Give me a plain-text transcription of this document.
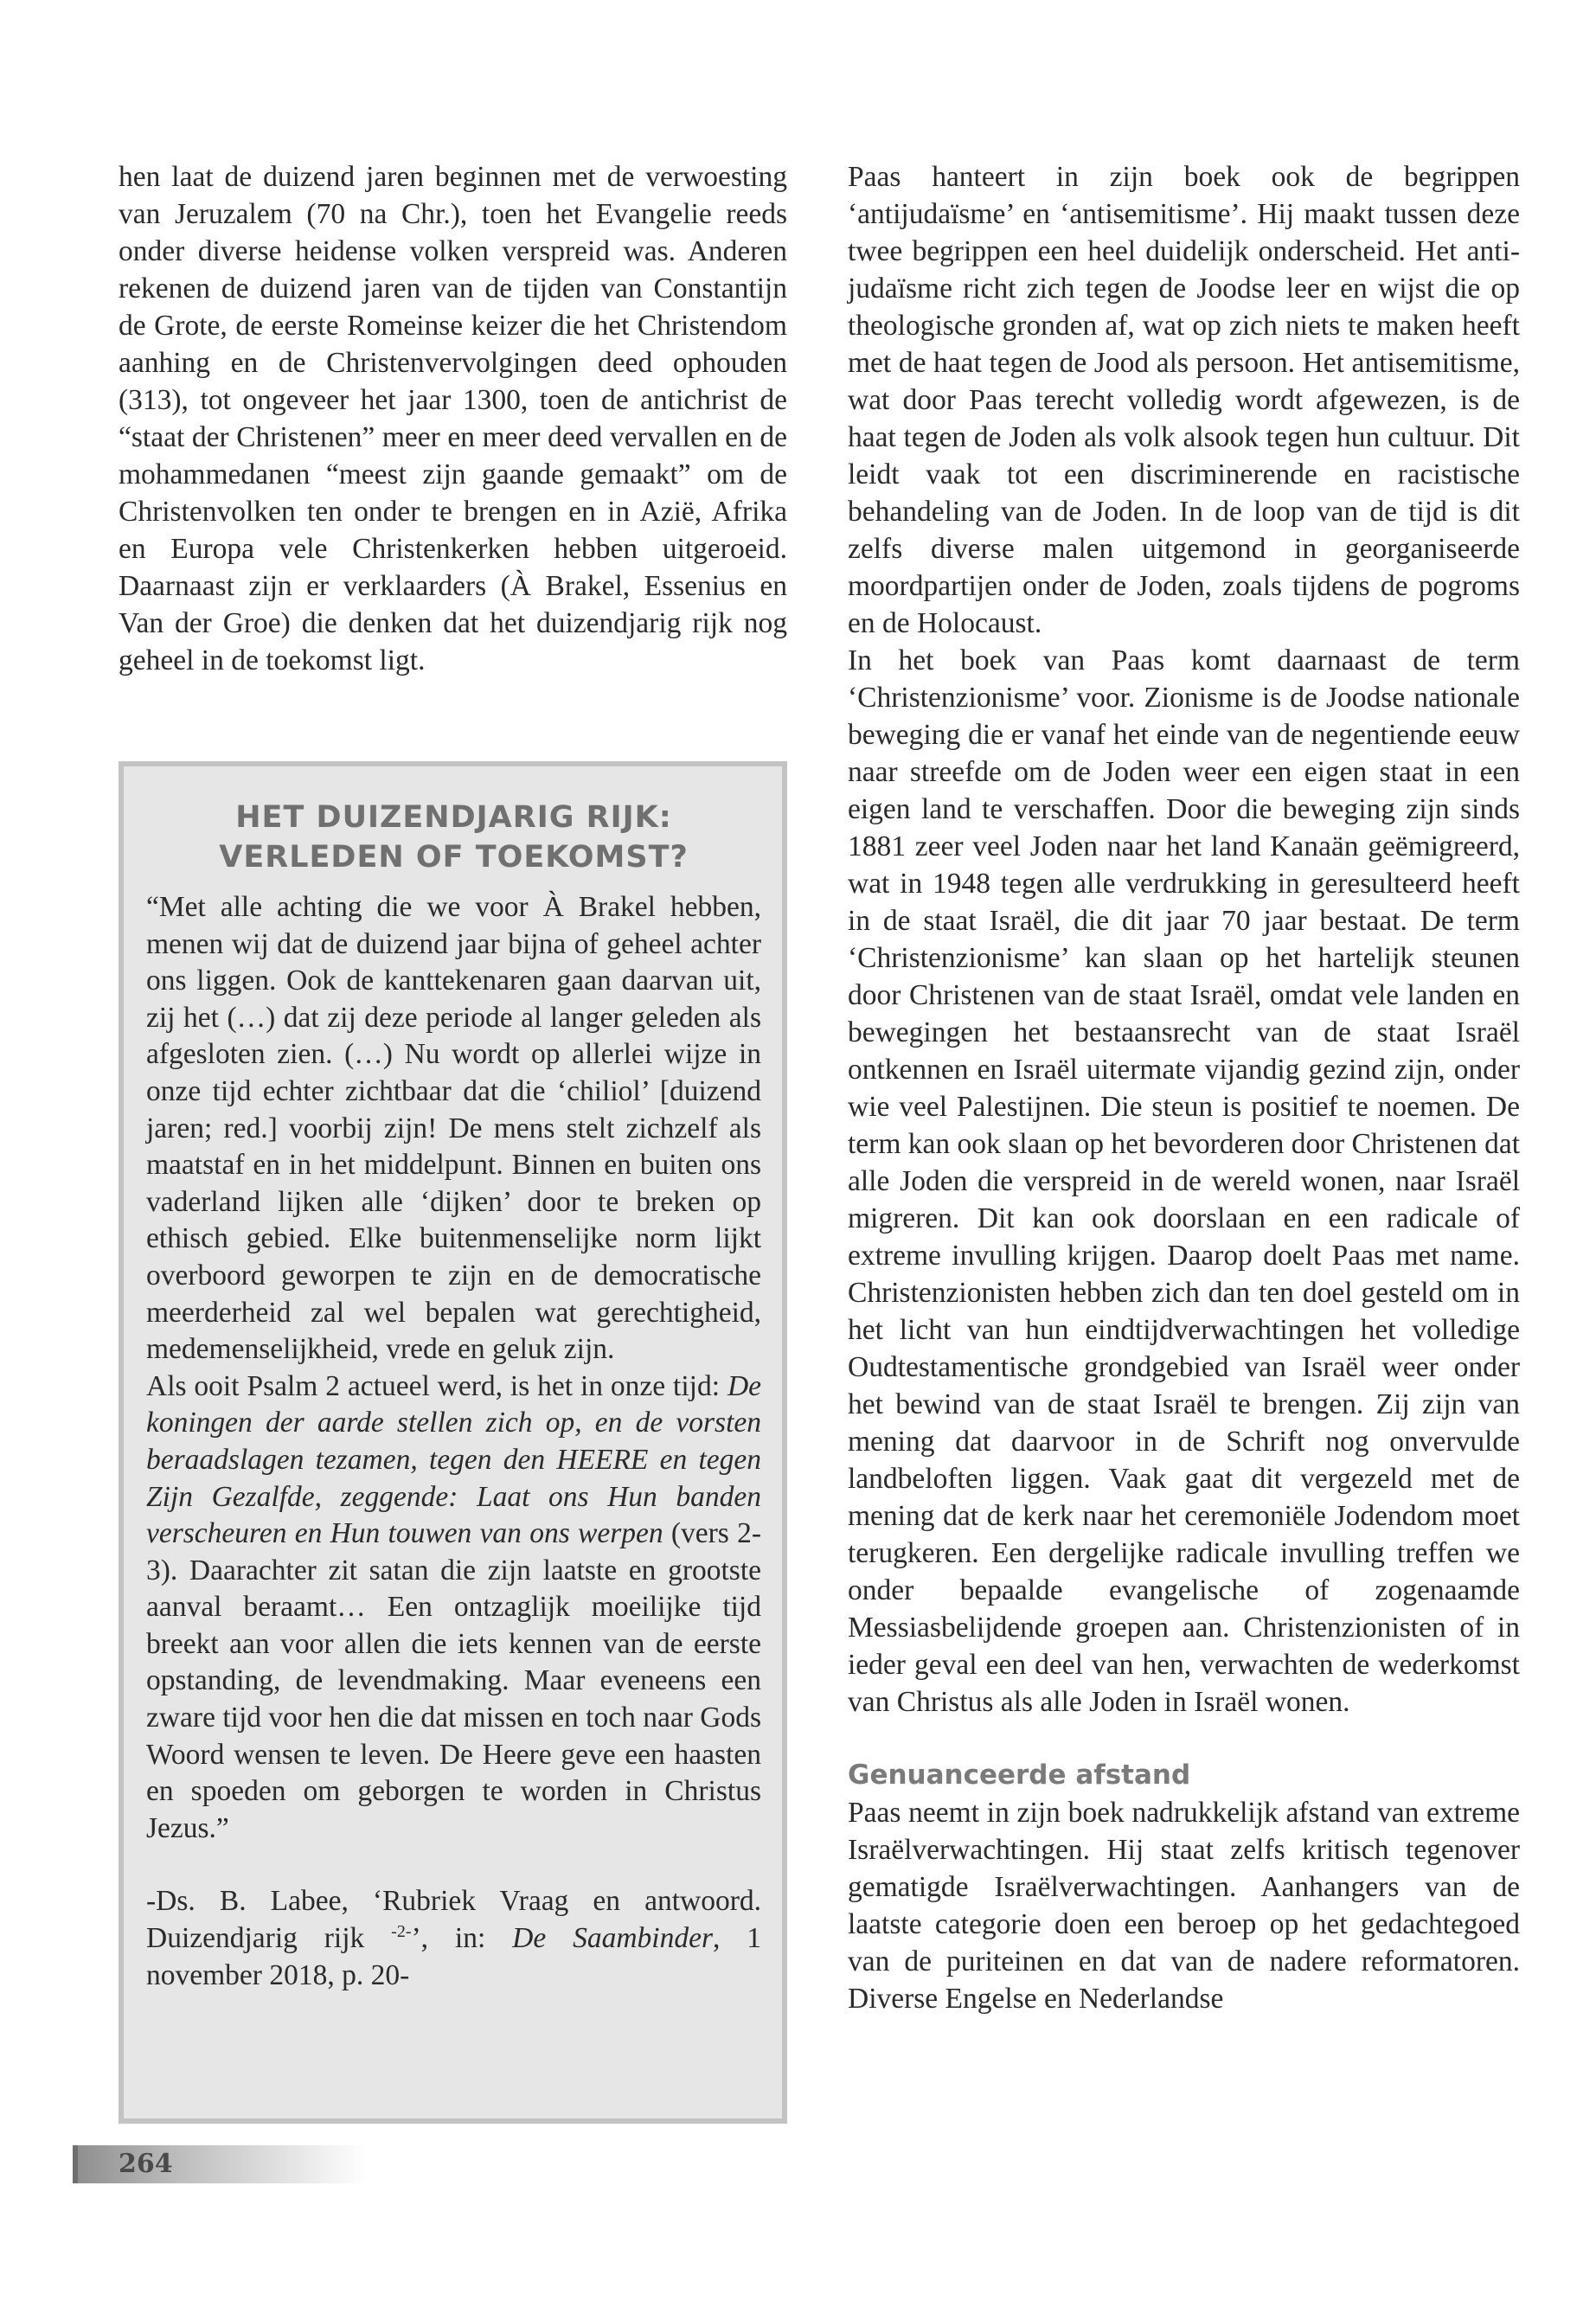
hen laat de duizend jaren beginnen met de verwoesting van Jeruzalem (70 na Chr.), toen het Evangelie reeds onder diverse heidense volken verspreid was. Anderen rekenen de duizend jaren van de tijden van Constantijn de Grote, de eerste Romeinse keizer die het Christendom aanhing en de Christenvervolgingen deed ophouden (313), tot ongeveer het jaar 1300, toen de antichrist de “staat der Christenen” meer en meer deed vervallen en de mohammedanen “meest zijn gaande gemaakt” om de Christenvolken ten onder te brengen en in Azië, Afrika en Europa vele Christenkerken hebben uitgeroeid. Daarnaast zijn er verklaarders (À Brakel, Essenius en Van der Groe) die denken dat het duizendjarig rijk nog geheel in de toekomst ligt.

HET DUIZENDJARIG RIJK:
VERLEDEN OF TOEKOMST?

“Met alle achting die we voor À Brakel hebben, menen wij dat de duizend jaar bijna of geheel achter ons liggen. Ook de kanttekenaren gaan daarvan uit, zij het (…) dat zij deze periode al langer geleden als afgesloten zien. (…) Nu wordt op allerlei wijze in onze tijd echter zichtbaar dat die ‘chiliol’ [duizend jaren; red.] voorbij zijn! De mens stelt zichzelf als maatstaf en in het middelpunt. Binnen en buiten ons vaderland lijken alle ‘dijken’ door te breken op ethisch gebied. Elke buitenmenselijke norm lijkt overboord geworpen te zijn en de democratische meerderheid zal wel bepalen wat gerechtigheid, medemenselijkheid, vrede en geluk zijn.

Als ooit Psalm 2 actueel werd, is het in onze tijd: De koningen der aarde stellen zich op, en de vorsten beraadslagen tezamen, tegen den HEERE en tegen Zijn Gezalfde, zeggende: Laat ons Hun banden verscheuren en Hun touwen van ons werpen (vers 2-3). Daarachter zit satan die zijn laatste en grootste aanval beraamt… Een ontzaglijk moeilijke tijd breekt aan voor allen die iets kennen van de eerste opstanding, de levendmaking. Maar eveneens een zware tijd voor hen die dat missen en toch naar Gods Woord wensen te leven. De Heere geve een haasten en spoeden om geborgen te worden in Christus Jezus.”

-Ds. B. Labee, ‘Rubriek Vraag en antwoord. Duizendjarig rijk $^{-2-}$’, in: De Saambinder, 1 november 2018, p. 20-

Paas hanteert in zijn boek ook de begrippen ‘antijudaïsme’ en ‘antisemitisme’. Hij maakt tussen deze twee begrippen een heel duidelijk onderscheid. Het anti-judaïsme richt zich tegen de Joodse leer en wijst die op theologische gronden af, wat op zich niets te maken heeft met de haat tegen de Jood als persoon. Het antisemitisme, wat door Paas terecht volledig wordt afgewezen, is de haat tegen de Joden als volk alsook tegen hun cultuur. Dit leidt vaak tot een discriminerende en racistische behandeling van de Joden. In de loop van de tijd is dit zelfs diverse malen uitgemond in georganiseerde moordpartijen onder de Joden, zoals tijdens de pogroms en de Holocaust.

In het boek van Paas komt daarnaast de term ‘Christenzionisme’ voor. Zionisme is de Joodse nationale beweging die er vanaf het einde van de negentiende eeuw naar streefde om de Joden weer een eigen staat in een eigen land te verschaffen. Door die beweging zijn sinds 1881 zeer veel Joden naar het land Kanaän geëmigreerd, wat in 1948 tegen alle verdrukking in geresulteerd heeft in de staat Israël, die dit jaar 70 jaar bestaat. De term ‘Christenzionisme’ kan slaan op het hartelijk steunen door Christenen van de staat Israël, omdat vele landen en bewegingen het bestaansrecht van de staat Israël ontkennen en Israël uitermate vijandig gezind zijn, onder wie veel Palestijnen. Die steun is positief te noemen. De term kan ook slaan op het bevorderen door Christenen dat alle Joden die verspreid in de wereld wonen, naar Israël migreren. Dit kan ook doorslaan en een radicale of extreme invulling krijgen. Daarop doelt Paas met name. Christenzionisten hebben zich dan ten doel gesteld om in het licht van hun eindtijdverwachtingen het volledige Oudtestamentische grondgebied van Israël weer onder het bewind van de staat Israël te brengen. Zij zijn van mening dat daarvoor in de Schrift nog onvervulde landbeloften liggen. Vaak gaat dit vergezeld met de mening dat de kerk naar het ceremoniële Jodendom moet terugkeren. Een dergelijke radicale invulling treffen we onder bepaalde evangelische of zogenaamde Messiasbelijdende groepen aan. Christenzionisten of in ieder geval een deel van hen, verwachten de wederkomst van Christus als alle Joden in Israël wonen.

Genuanceerde afstand

Paas neemt in zijn boek nadrukkelijk afstand van extreme Israëlverwachtingen. Hij staat zelfs kritisch tegenover gematigde Israëlverwachtingen. Aanhangers van de laatste categorie doen een beroep op het gedachtegoed van de puriteinen en dat van de nadere reformatoren. Diverse Engelse en Nederlandse

264
